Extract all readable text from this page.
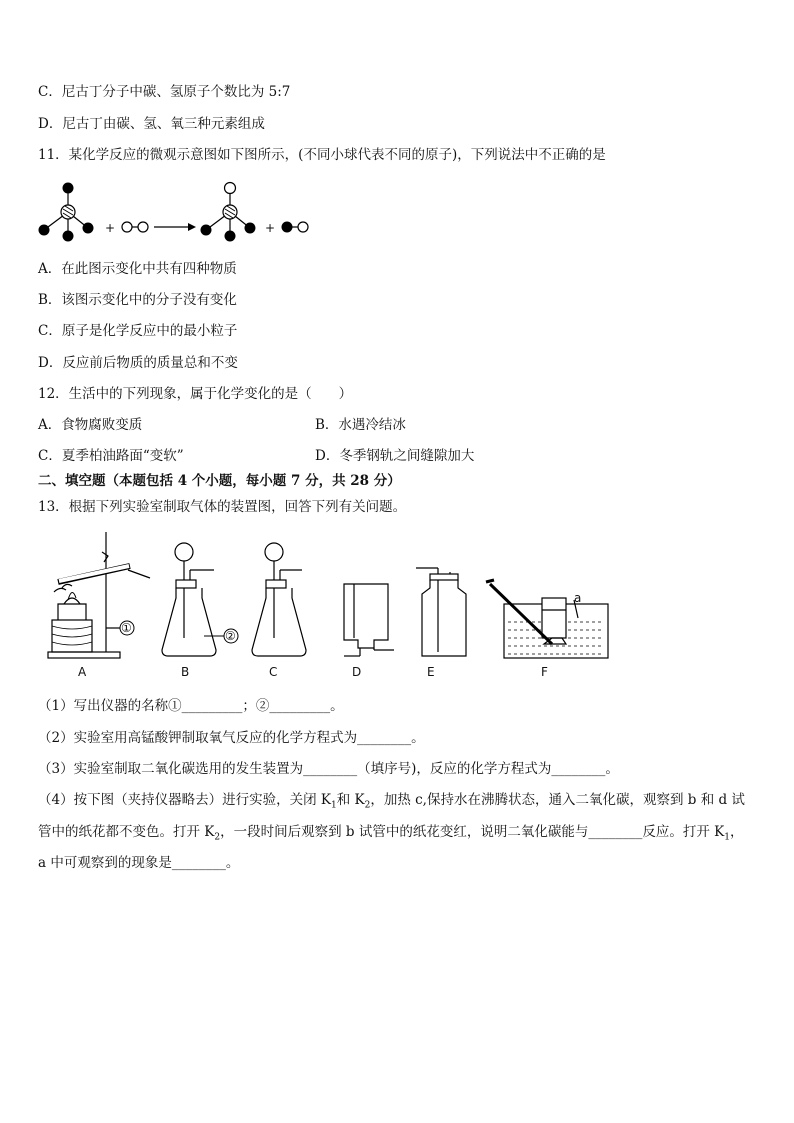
C．尼古丁分子中碳、氢原子个数比为 5:7
D．尼古丁由碳、氢、氧三种元素组成
11．某化学反应的微观示意图如下图所示，(不同小球代表不同的原子)，下列说法中不正确的是
+	+
A．在此图示变化中共有四种物质
B．该图示变化中的分子没有变化
C．原子是化学反应中的最小粒子
D．反应前后物质的质量总和不变
12．生活中的下列现象，属于化学变化的是（　　）
A．食物腐败变质	B．水遇冷结冰
C．夏季柏油路面“变软”	D．冬季钢轨之间缝隙加大
二、填空题（本题包括 4 个小题，每小题 7 分，共 28 分）
13．根据下列实验室制取气体的装置图，回答下列有关问题。
①
A
②
B	C	D	E
a
F
（1）写出仪器的名称①_________；②_________。
（2）实验室用高锰酸钾制取氧气反应的化学方程式为________。
（3）实验室制取二氧化碳选用的发生装置为________（填序号)，反应的化学方程式为________。
（4）按下图（夹持仪器略去）进行实验，关闭 $K_1$和 $K_2$，加热 c,保持水在沸腾状态，通入二氧化碳，观察到 b 和 d 试
管中的纸花都不变色。打开 $K_2$，一段时间后观察到 b 试管中的纸花变红，说明二氧化碳能与________反应。打开 $K_1$，
a 中可观察到的现象是________。
